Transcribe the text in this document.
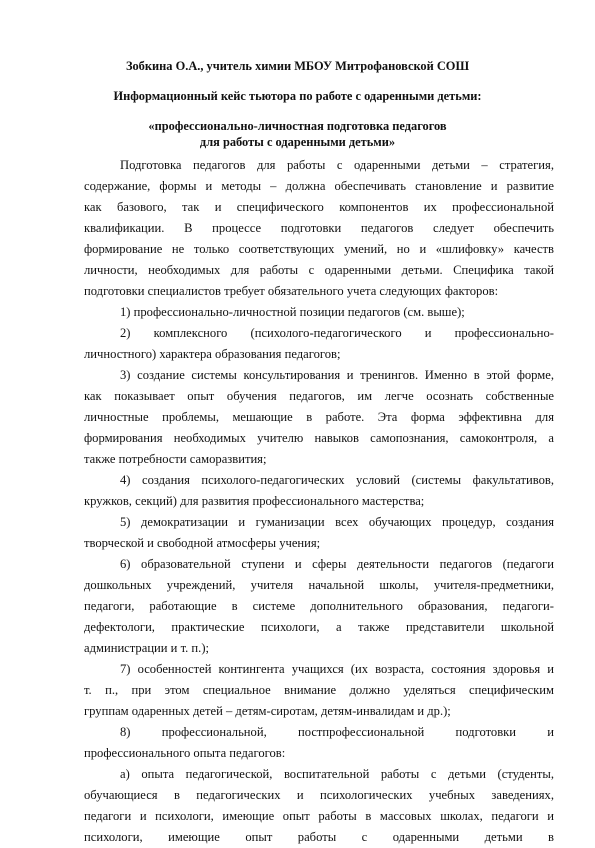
Зобкина О.А., учитель химии МБОУ Митрофановской СОШ
Информационный кейс тьютора по работе с одаренными детьми:
«профессионально-личностная подготовка педагогов
для работы с одаренными детьми»
Подготовка педагогов для работы с одаренными детьми – стратегия,
содержание, формы и методы – должна обеспечивать становление и развитие
как базового, так и специфического компонентов их профессиональной
квалификации. В процессе подготовки педагогов следует обеспечить
формирование не только соответствующих умений, но и «шлифовку» качеств
личности, необходимых для работы с одаренными детьми. Специфика такой
подготовки специалистов требует обязательного учета следующих факторов:
1) профессионально-личностной позиции педагогов (см. выше);
2) комплексного (психолого-педагогического и профессионально-
личностного) характера образования педагогов;
3) создание системы консультирования и тренингов. Именно в этой форме,
как показывает опыт обучения педагогов, им легче осознать собственные
личностные проблемы, мешающие в работе. Эта форма эффективна для
формирования необходимых учителю навыков самопознания, самоконтроля, а
также потребности саморазвития;
4) создания психолого-педагогических условий (системы факультативов,
кружков, секций) для развития профессионального мастерства;
5) демократизации и гуманизации всех обучающих процедур, создания
творческой и свободной атмосферы учения;
6) образовательной ступени и сферы деятельности педагогов (педагоги
дошкольных учреждений, учителя начальной школы, учителя-предметники,
педагоги, работающие в системе дополнительного образования, педагоги-
дефектологи, практические психологи, а также представители школьной
администрации и т. п.);
7) особенностей контингента учащихся (их возраста, состояния здоровья и
т. п., при этом специальное внимание должно уделяться специфическим
группам одаренных детей – детям-сиротам, детям-инвалидам и др.);
8) профессиональной, постпрофессиональной подготовки и
профессионального опыта педагогов:
а) опыта педагогической, воспитательной работы с детьми (студенты,
обучающиеся в педагогических и психологических учебных заведениях,
педагоги и психологи, имеющие опыт работы в массовых школах, педагоги и
психологи, имеющие опыт работы с одаренными детьми в
